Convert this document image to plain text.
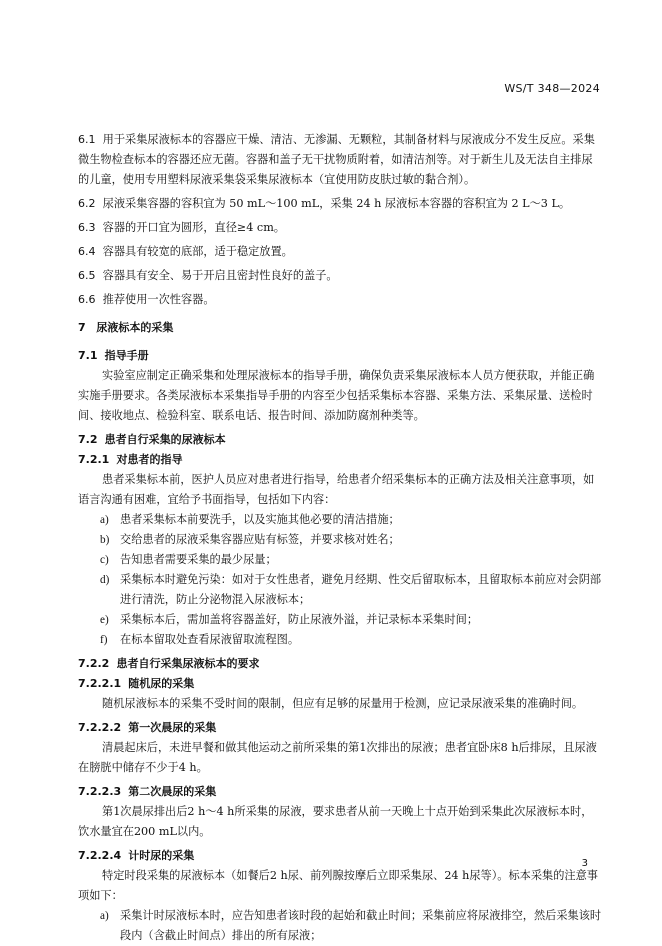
WS/T 348—2024

6.1 用于采集尿液标本的容器应干燥、清洁、无渗漏、无颗粒，其制备材料与尿液成分不发生反应。采集微生物检查标本的容器还应无菌。容器和盖子无干扰物质附着，如清洁剂等。对于新生儿及无法自主排尿的儿童，使用专用塑料尿液采集袋采集尿液标本（宜使用防皮肤过敏的黏合剂）。

6.2 尿液采集容器的容积宜为 50 mL～100 mL，采集 24 h 尿液标本容器的容积宜为 2 L～3 L。

6.3 容器的开口宜为圆形，直径≥4 cm。

6.4 容器具有较宽的底部，适于稳定放置。

6.5 容器具有安全、易于开启且密封性良好的盖子。

6.6 推荐使用一次性容器。

7 尿液标本的采集

7.1 指导手册

实验室应制定正确采集和处理尿液标本的指导手册，确保负责采集尿液标本人员方便获取，并能正确实施手册要求。各类尿液标本采集指导手册的内容至少包括采集标本容器、采集方法、采集尿量、送检时间、接收地点、检验科室、联系电话、报告时间、添加防腐剂种类等。

7.2 患者自行采集的尿液标本

7.2.1 对患者的指导

患者采集标本前，医护人员应对患者进行指导，给患者介绍采集标本的正确方法及相关注意事项，如语言沟通有困难，宜给予书面指导，包括如下内容：

a)	患者采集标本前要洗手，以及实施其他必要的清洁措施；
b) 交给患者的尿液采集容器应贴有标签，并要求核对姓名；
c)	告知患者需要采集的最少尿量；
d) 采集标本时避免污染：如对于女性患者，避免月经期、性交后留取标本，且留取标本前应对会阴部进行清洗，防止分泌物混入尿液标本；
e)	采集标本后，需加盖将容器盖好，防止尿液外溢，并记录标本采集时间；
f)	在标本留取处查看尿液留取流程图。

7.2.2 患者自行采集尿液标本的要求

7.2.2.1 随机尿的采集

随机尿液标本的采集不受时间的限制，但应有足够的尿量用于检测，应记录尿液采集的准确时间。

7.2.2.2 第一次晨尿的采集

清晨起床后，未进早餐和做其他运动之前所采集的第1次排出的尿液；患者宜卧床8 h后排尿，且尿液在膀胱中储存不少于4 h。

7.2.2.3 第二次晨尿的采集

第1次晨尿排出后2 h～4 h所采集的尿液，要求患者从前一天晚上十点开始到采集此次尿液标本时，饮水量宜在200 mL以内。

7.2.2.4 计时尿的采集

特定时段采集的尿液标本（如餐后2 h尿、前列腺按摩后立即采集尿、24 h尿等）。标本采集的注意事项如下：

a)	采集计时尿液标本时，应告知患者该时段的起始和截止时间；采集前应将尿液排空，然后采集该时段内（含截止时间点）排出的所有尿液；
3
